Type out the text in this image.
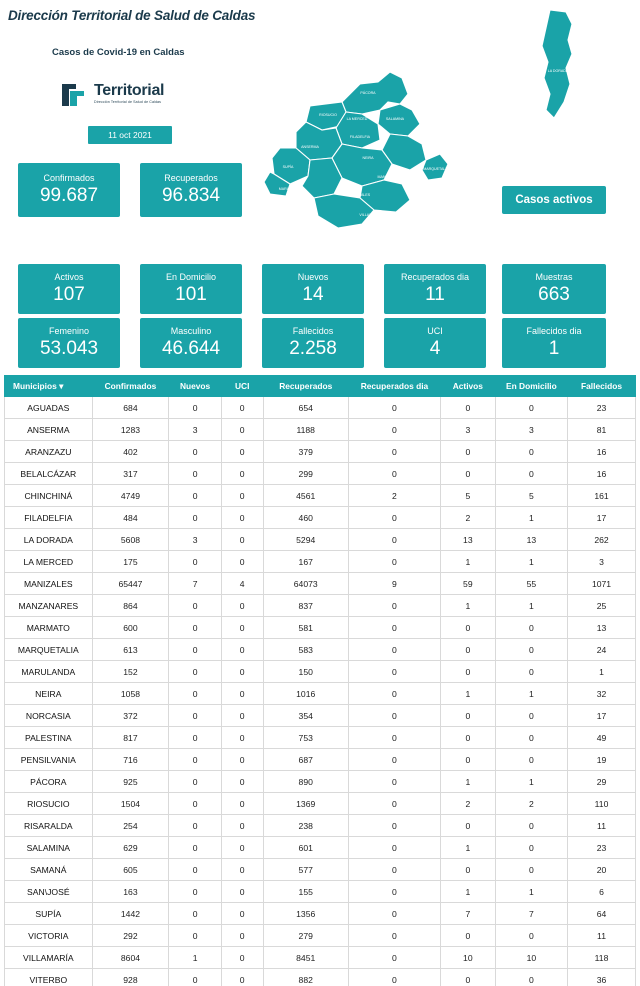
Dirección Territorial de Salud de Caldas
Casos de Covid-19 en Caldas
Territorial
Dirección Territorial de Salud de Caldas
11 oct 2021
PÁCORA
RIOSUCIO
LA MERCED	SALAMINA
FILADELFIA
ANSERMA
NEIRA
SUPÍA
MANZANARES
MARQUETALIA
MANIZALES
VILLAMARÍA
MARULANDA
LA DORADA
Confirmados
99.687
Recuperados
96.834	Casos activos
Activos
107
En Domicilio
101
Nuevos
14
Recuperados dia
11
Muestras
663
Femenino
53.043
Masculino
46.644
Fallecidos
2.258
UCI
4
Fallecidos dia
1
Municipios ▾	Confirmados	Nuevos	UCI	Recuperados	Recuperados dia	Activos	En Domicilio	Fallecidos
AGUADAS	684	0	0	654	0	0	0	23
ANSERMA	1283	3	0	1188	0	3	3	81
ARANZAZU	402	0	0	379	0	0	0	16
BELALCÁZAR	317	0	0	299	0	0	0	16
CHINCHINÁ	4749	0	0	4561	2	5	5	161
FILADELFIA	484	0	0	460	0	2	1	17
LA DORADA	5608	3	0	5294	0	13	13	262
LA MERCED	175	0	0	167	0	1	1	3
MANIZALES	65447	7	4	64073	9	59	55	1071
MANZANARES	864	0	0	837	0	1	1	25
MARMATO	600	0	0	581	0	0	0	13
MARQUETALIA	613	0	0	583	0	0	0	24
MARULANDA	152	0	0	150	0	0	0	1
NEIRA	1058	0	0	1016	0	1	1	32
NORCASIA	372	0	0	354	0	0	0	17
PALESTINA	817	0	0	753	0	0	0	49
PENSILVANIA	716	0	0	687	0	0	0	19
PÁCORA	925	0	0	890	0	1	1	29
RIOSUCIO	1504	0	0	1369	0	2	2	110
RISARALDA	254	0	0	238	0	0	0	11
SALAMINA	629	0	0	601	0	1	0	23
SAMANÁ	605	0	0	577	0	0	0	20
SAN\JOSÉ	163	0	0	155	0	1	1	6
SUPÍA	1442	0	0	1356	0	7	7	64
VICTORIA	292	0	0	279	0	0	0	11
VILLAMARÍA	8604	1	0	8451	0	10	10	118
VITERBO	928	0	0	882	0	0	0	36
